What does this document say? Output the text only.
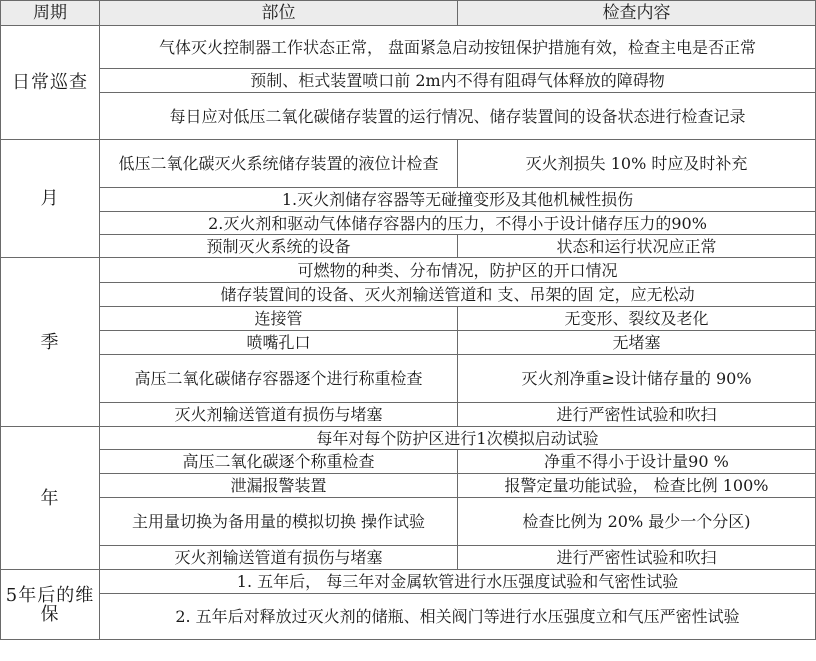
周期	部位	检查内容
日常巡查	气体灭火控制器工作状态正常， 盘面紧急启动按钮保护措施有效，检查主电是否正常	
	预制、柜式装置喷口前 2m内不得有阻碍气体释放的障碍物	
	每日应对低压二氧化碳储存装置的运行情况、储存装置间的设备状态进行检查记录	
月	低压二氧化碳灭火系统储存装置的液位计检查	灭火剂损失 10% 时应及时补充
	1.灭火剂储存容器等无碰撞变形及其他机械性损伤	
	2.灭火剂和驱动气体储存容器内的压力，不得小于设计储存压力的90%	
	预制灭火系统的设备	状态和运行状况应正常
季	可燃物的种类、分布情况，防护区的开口情况	
	储存装置间的设备、灭火剂输送管道和 支、吊架的固 定，应无松动	
	连接管	无变形、裂纹及老化
	喷嘴孔口	无堵塞
	高压二氧化碳储存容器逐个进行称重检查	灭火剂净重≥设计储存量的 90%
	灭火剂输送管道有损伤与堵塞	进行严密性试验和吹扫
年	每年对每个防护区进行1次模拟启动试验	
	高压二氧化碳逐个称重检查	净重不得小于设计量90 %
	泄漏报警装置	报警定量功能试验， 检查比例 100%
	主用量切换为备用量的模拟切换 操作试验	检查比例为 20% 最少一个分区)
	灭火剂输送管道有损伤与堵塞	进行严密性试验和吹扫
5年后的维保	1. 五年后， 每三年对金属软管进行水压强度试验和气密性试验	
	2. 五年后对释放过灭火剂的储瓶、相关阀门等进行水压强度立和气压严密性试验	
